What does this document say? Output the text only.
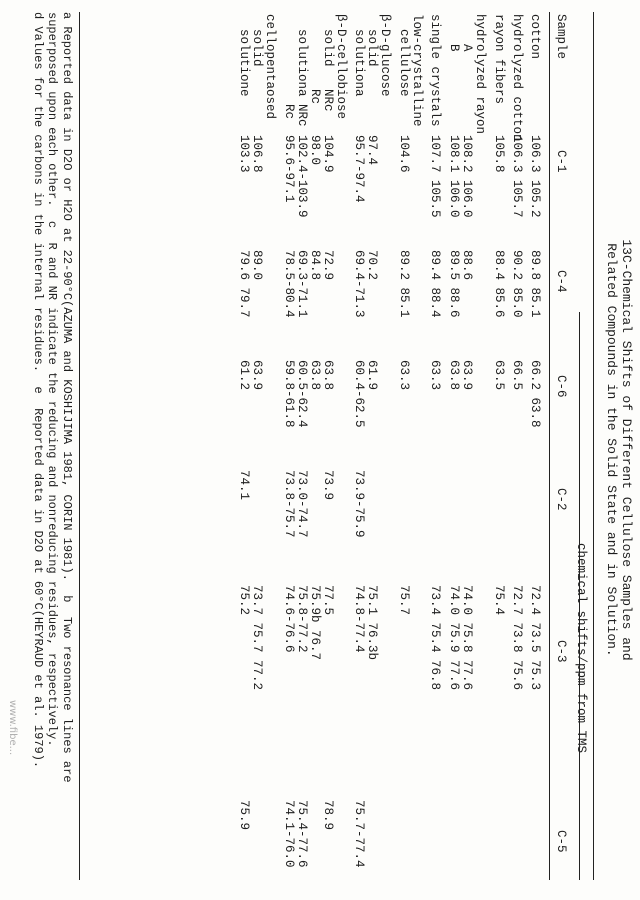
13C-Chemical Shifts of Different Cellulose Samples and
Related Compounds in the Solid State and in Solution.
chemical shifts/ppm from TMS
Sample
C-1
C-4
C-6
C-2
C-3
C-5
cotton
106.3 105.2
89.8 85.1
66.2 63.8
72.4 73.5 75.3
hydrolyzed cotton
106.3 105.7
90.2 85.0
66.5
72.7 73.8 75.6
rayon fibers
105.8
88.4 85.6
63.5
75.4
hydrolyzed rayon
A
108.2 106.0
88.6
63.9
74.0 75.8 77.6
B
108.1 106.0
89.5 88.6
63.8
74.0 75.9 77.6
single crystals
107.7 105.5
89.4 88.4
63.3
73.4 75.4 76.8
low-crystalline
cellulose
104.6
89.2 85.1
63.3
75.7
β-D-glucose
solid
97.4
70.2
61.9
75.1 76.3b
solutiona
95.7-97.4
69.4-71.3
60.4-62.5
73.9-75.9
74.8-77.4
75.7-77.4
β-D-cellobiose
solid   NRc
104.9
72.9
63.8
73.9
77.5
78.9
Rc
98.0
84.8
63.8
75.9b 76.7
solutiona NRc
102.4-103.9
69.3-71.1
60.5-62.4
73.0-74.7
75.8-77.2
75.4-77.6
Rc
95.6-97.1
78.5-80.4
59.8-61.8
73.8-75.7
74.6-76.6
74.1-76.0
cellopentaosed
solid
106.8
89.0
63.9
73.7 75.7 77.2
solutione
103.3
79.6 79.7
61.2
74.1
75.2
75.9
a Reported data in D2O or H2O at 22-90°C(AZUMA and KOSHIJIMA 1981, CORIN 1981).  b  Two resonance lines are
superposed upon each other.  c  R and NR indicate the reducing and nonreducing residues, respectively.
d Values for the carbons in the internal residues.  e  Reported data in D2O at 60°C(HEYRAUD et al. 1979).
www.fibe...
